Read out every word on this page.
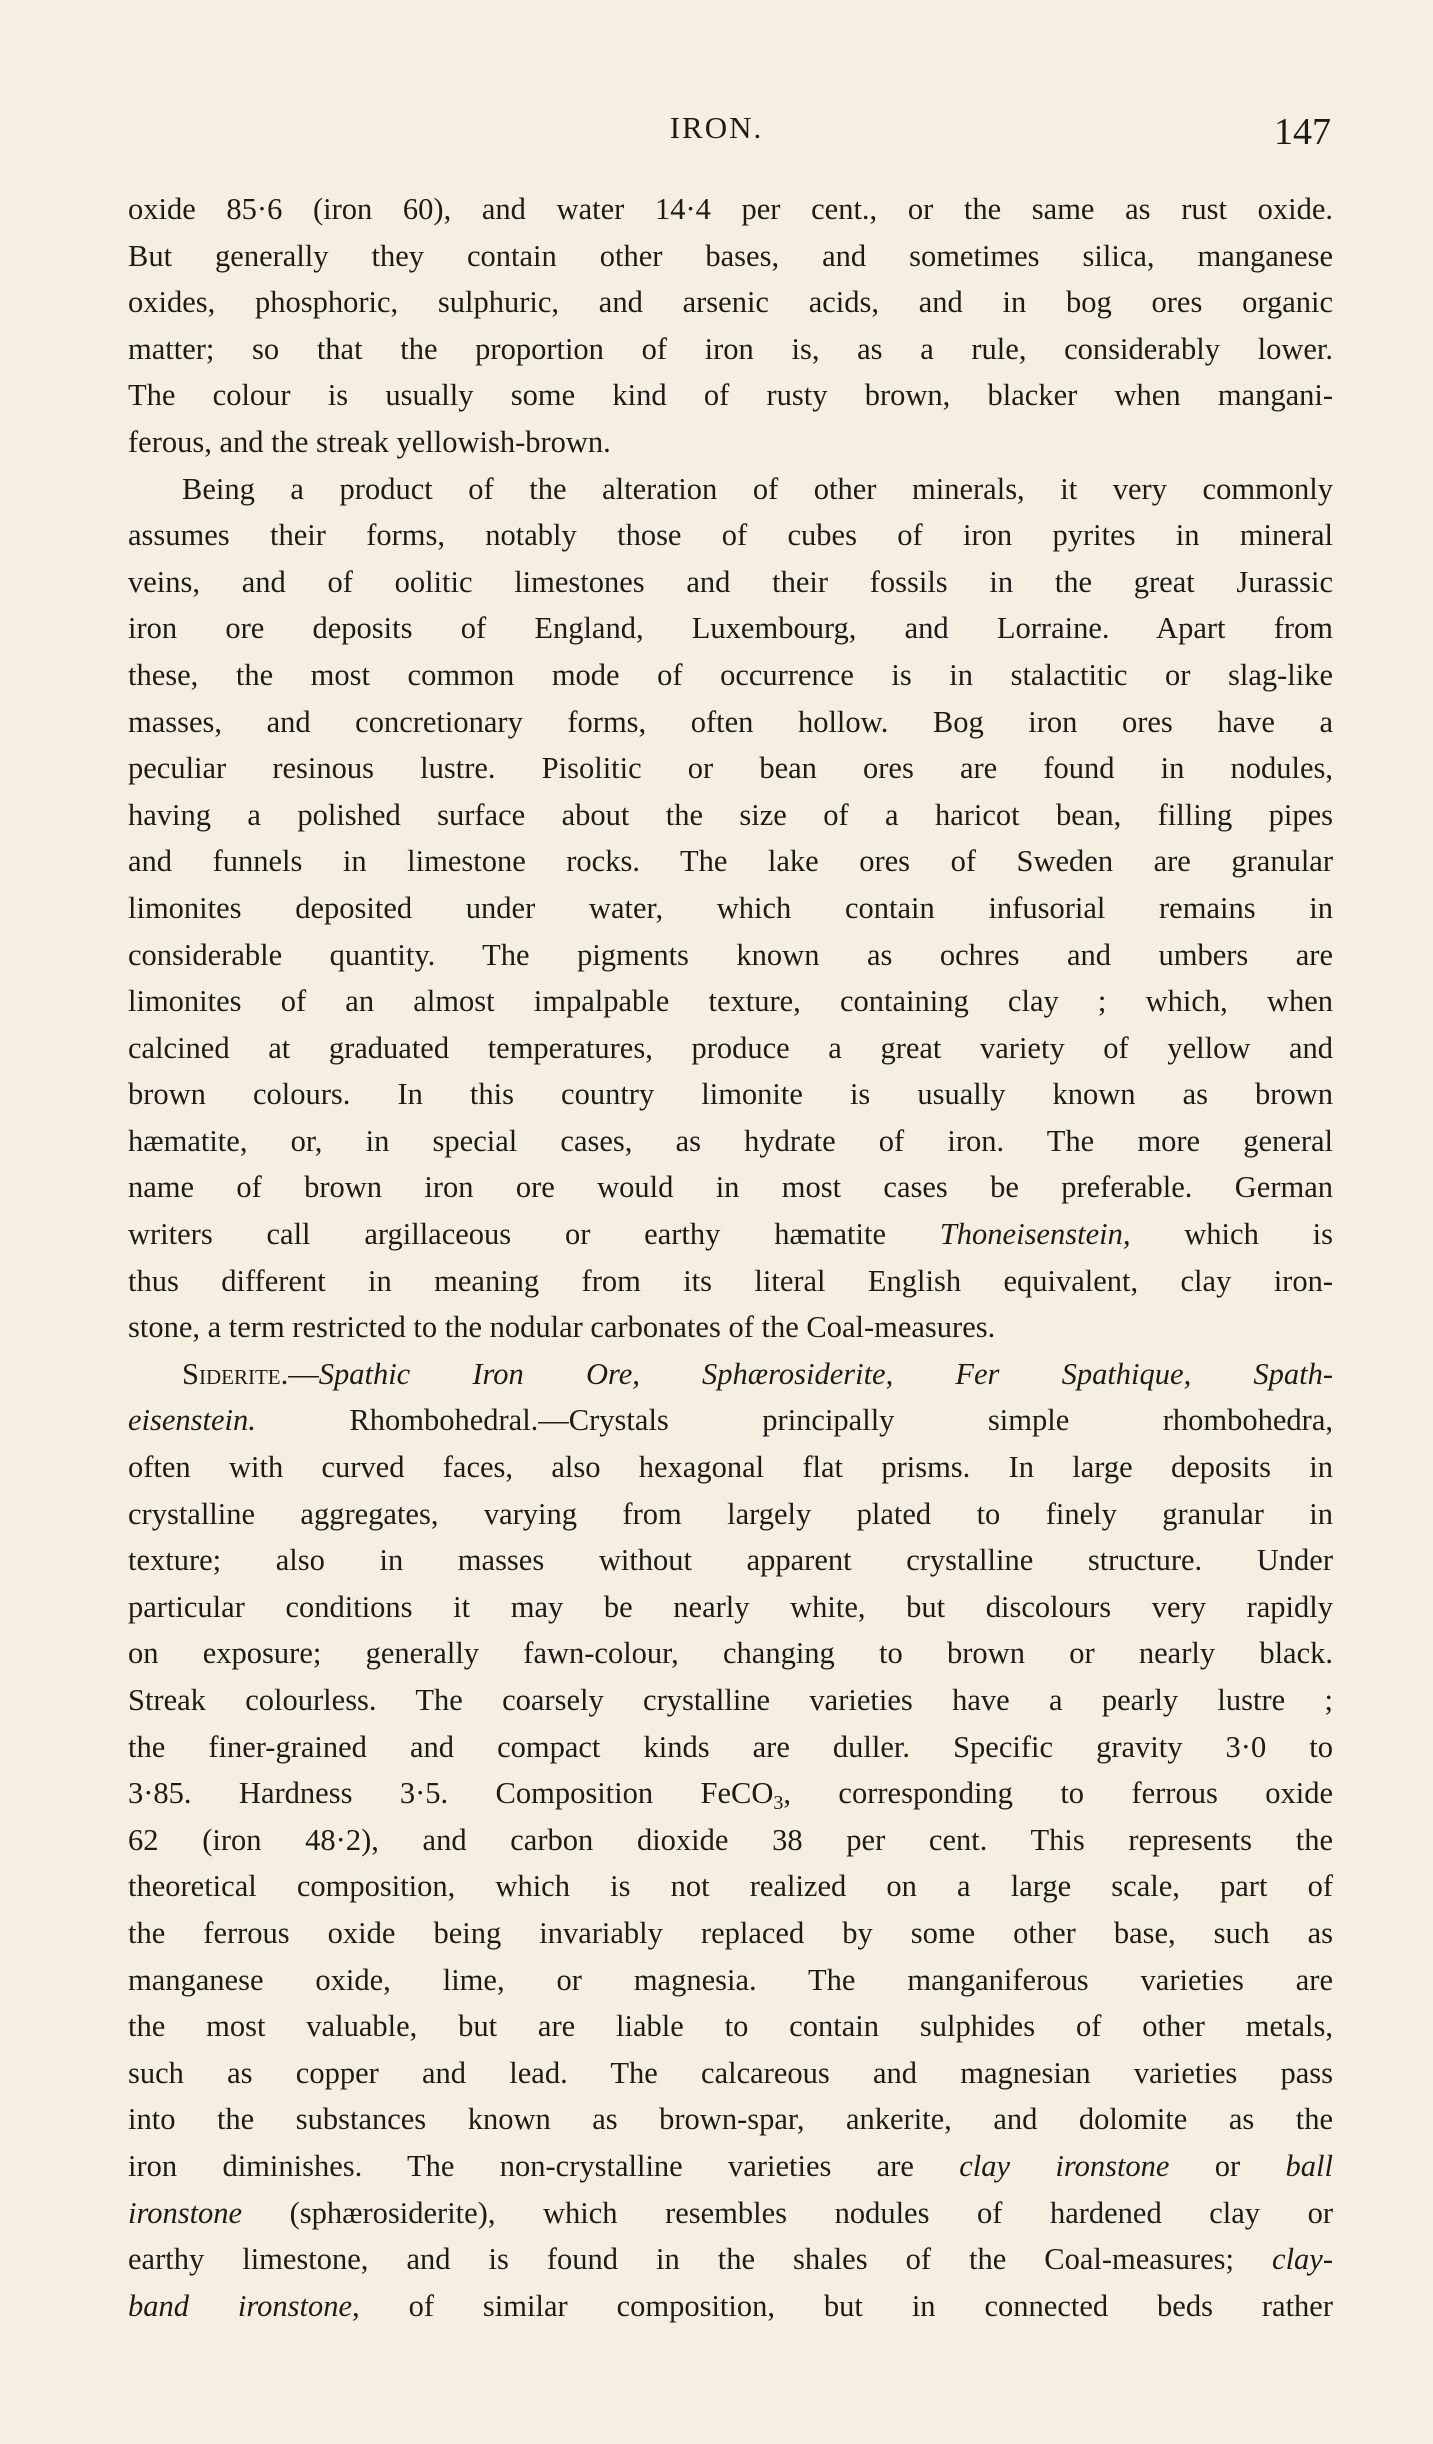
IRON.	147
oxide 85·6 (iron 60), and water 14·4 per cent., or the same as rust oxide.
But generally they contain other bases, and sometimes silica, manganese
oxides, phosphoric, sulphuric, and arsenic acids, and in bog ores organic
matter; so that the proportion of iron is, as a rule, considerably lower.
The colour is usually some kind of rusty brown, blacker when mangani-
ferous, and the streak yellowish-brown.
Being a product of the alteration of other minerals, it very commonly
assumes their forms, notably those of cubes of iron pyrites in mineral
veins, and of oolitic limestones and their fossils in the great Jurassic
iron ore deposits of England, Luxembourg, and Lorraine. Apart from
these, the most common mode of occurrence is in stalactitic or slag-like
masses, and concretionary forms, often hollow. Bog iron ores have a
peculiar resinous lustre. Pisolitic or bean ores are found in nodules,
having a polished surface about the size of a haricot bean, filling pipes
and funnels in limestone rocks. The lake ores of Sweden are granular
limonites deposited under water, which contain infusorial remains in
considerable quantity. The pigments known as ochres and umbers are
limonites of an almost impalpable texture, containing clay ; which, when
calcined at graduated temperatures, produce a great variety of yellow and
brown colours. In this country limonite is usually known as brown
hæmatite, or, in special cases, as hydrate of iron. The more general
name of brown iron ore would in most cases be preferable. German
writers call argillaceous or earthy hæmatite Thoneisenstein, which is
thus different in meaning from its literal English equivalent, clay iron-
stone, a term restricted to the nodular carbonates of the Coal-measures.
Siderite.—Spathic Iron Ore, Sphærosiderite, Fer Spathique, Spath-
eisenstein. Rhombohedral.—Crystals principally simple rhombohedra,
often with curved faces, also hexagonal flat prisms. In large deposits in
crystalline aggregates, varying from largely plated to finely granular in
texture; also in masses without apparent crystalline structure. Under
particular conditions it may be nearly white, but discolours very rapidly
on exposure; generally fawn-colour, changing to brown or nearly black.
Streak colourless. The coarsely crystalline varieties have a pearly lustre ;
the finer-grained and compact kinds are duller. Specific gravity 3·0 to
3·85. Hardness 3·5. Composition FeCO$_3$, corresponding to ferrous oxide
62 (iron 48·2), and carbon dioxide 38 per cent. This represents the
theoretical composition, which is not realized on a large scale, part of
the ferrous oxide being invariably replaced by some other base, such as
manganese oxide, lime, or magnesia. The manganiferous varieties are
the most valuable, but are liable to contain sulphides of other metals,
such as copper and lead. The calcareous and magnesian varieties pass
into the substances known as brown-spar, ankerite, and dolomite as the
iron diminishes. The non-crystalline varieties are clay ironstone or ball
ironstone (sphærosiderite), which resembles nodules of hardened clay or
earthy limestone, and is found in the shales of the Coal-measures; clay-
band ironstone, of similar composition, but in connected beds rather
